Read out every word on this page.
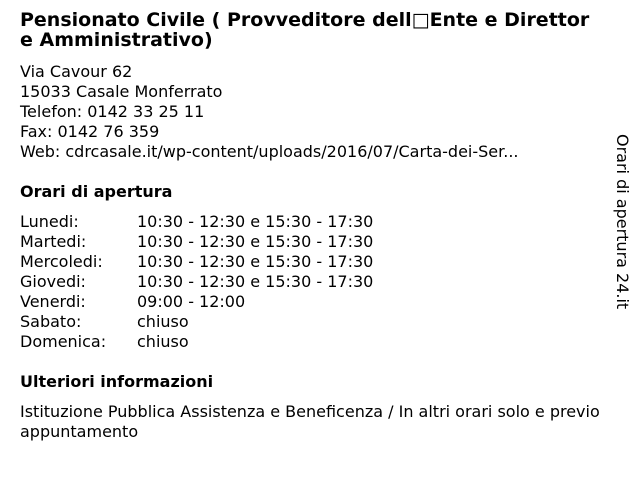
Pensionato Civile ( Provveditore dell□Ente e Direttore Amministrativo)
Via Cavour 62
15033 Casale Monferrato
Telefon: 0142 33 25 11
Fax: 0142 76 359
Web: cdrcasale.it/wp-content/uploads/2016/07/Carta-dei-Ser...
Orari di apertura
Lunedi:	10:30 - 12:30 e 15:30 - 17:30
Martedi:	10:30 - 12:30 e 15:30 - 17:30
Mercoledi:	10:30 - 12:30 e 15:30 - 17:30
Giovedi:	10:30 - 12:30 e 15:30 - 17:30
Venerdi:	09:00 - 12:00
Sabato:	chiuso
Domenica:	chiuso
Ulteriori informazioni
Istituzione Pubblica Assistenza e Beneficenza / In altri orari solo e previo appuntamento
Orari di apertura 24.it
